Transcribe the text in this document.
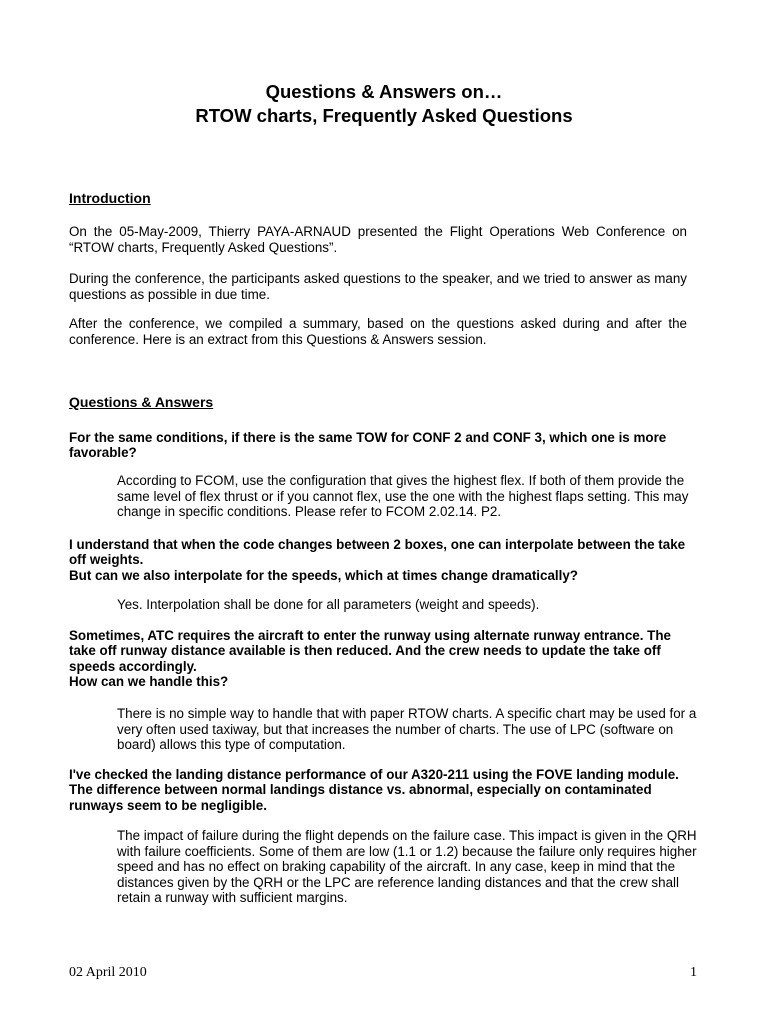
Questions & Answers on…
RTOW charts, Frequently Asked Questions
Introduction
On the 05-May-2009, Thierry PAYA-ARNAUD presented the Flight Operations Web Conference on “RTOW charts, Frequently Asked Questions”.
During the conference, the participants asked questions to the speaker, and we tried to answer as many questions as possible in due time.
After the conference, we compiled a summary, based on the questions asked during and after the conference. Here is an extract from this Questions & Answers session.
Questions & Answers
For the same conditions, if there is the same TOW for CONF 2 and CONF 3, which one is more favorable?
According to FCOM, use the configuration that gives the highest flex. If both of them provide the same level of flex thrust or if you cannot flex, use the one with the highest flaps setting. This may change in specific conditions. Please refer to FCOM 2.02.14. P2.
I understand that when the code changes between 2 boxes, one can interpolate between the take off weights.
But can we also interpolate for the speeds, which at times change dramatically?
Yes. Interpolation shall be done for all parameters (weight and speeds).
Sometimes, ATC requires the aircraft to enter the runway using alternate runway entrance. The take off runway distance available is then reduced. And the crew needs to update the take off speeds accordingly.
How can we handle this?
There is no simple way to handle that with paper RTOW charts. A specific chart may be used for a very often used taxiway, but that increases the number of charts. The use of LPC (software on board) allows this type of computation.
I've checked the landing distance performance of our A320-211 using the FOVE landing module. The difference between normal landings distance vs. abnormal, especially on contaminated runways seem to be negligible.
The impact of failure during the flight depends on the failure case. This impact is given in the QRH with failure coefficients. Some of them are low (1.1 or 1.2) because the failure only requires higher speed and has no effect on braking capability of the aircraft. In any case, keep in mind that the distances given by the QRH or the LPC are reference landing distances and that the crew shall retain a runway with sufficient margins.
02 April 2010	1
